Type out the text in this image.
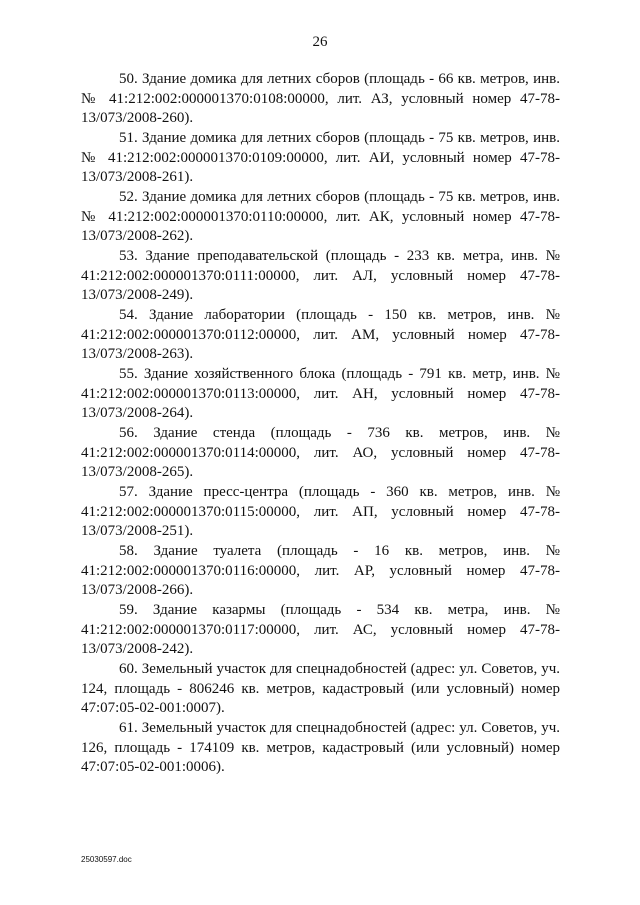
26

50. Здание домика для летних сборов (площадь - 66 кв. метров, инв. № 41:212:002:000001370:0108:00000, лит. АЗ, условный номер 47-78-13/073/2008-260).

51. Здание домика для летних сборов (площадь - 75 кв. метров, инв. № 41:212:002:000001370:0109:00000, лит. АИ, условный номер 47-78-13/073/2008-261).

52. Здание домика для летних сборов (площадь - 75 кв. метров, инв. № 41:212:002:000001370:0110:00000, лит. АК, условный номер 47-78-13/073/2008-262).

53. Здание преподавательской (площадь - 233 кв. метра, инв. № 41:212:002:000001370:0111:00000, лит. АЛ, условный номер 47-78-13/073/2008-249).

54. Здание лаборатории (площадь - 150 кв. метров, инв. № 41:212:002:000001370:0112:00000, лит. АМ, условный номер 47-78-13/073/2008-263).

55. Здание хозяйственного блока (площадь - 791 кв. метр, инв. № 41:212:002:000001370:0113:00000, лит. АН, условный номер 47-78-13/073/2008-264).

56. Здание стенда (площадь - 736 кв. метров, инв. № 41:212:002:000001370:0114:00000, лит. АО, условный номер 47-78-13/073/2008-265).

57. Здание пресс-центра (площадь - 360 кв. метров, инв. № 41:212:002:000001370:0115:00000, лит. АП, условный номер 47-78-13/073/2008-251).

58. Здание туалета (площадь - 16 кв. метров, инв. № 41:212:002:000001370:0116:00000, лит. АР, условный номер 47-78-13/073/2008-266).

59. Здание казармы (площадь - 534 кв. метра, инв. № 41:212:002:000001370:0117:00000, лит. АС, условный номер 47-78-13/073/2008-242).

60. Земельный участок для спецнадобностей (адрес: ул. Советов, уч. 124, площадь - 806246 кв. метров, кадастровый (или условный) номер 47:07:05-02-001:0007).

61. Земельный участок для спецнадобностей (адрес: ул. Советов, уч. 126, площадь - 174109 кв. метров, кадастровый (или условный) номер 47:07:05-02-001:0006).

25030597.doc
